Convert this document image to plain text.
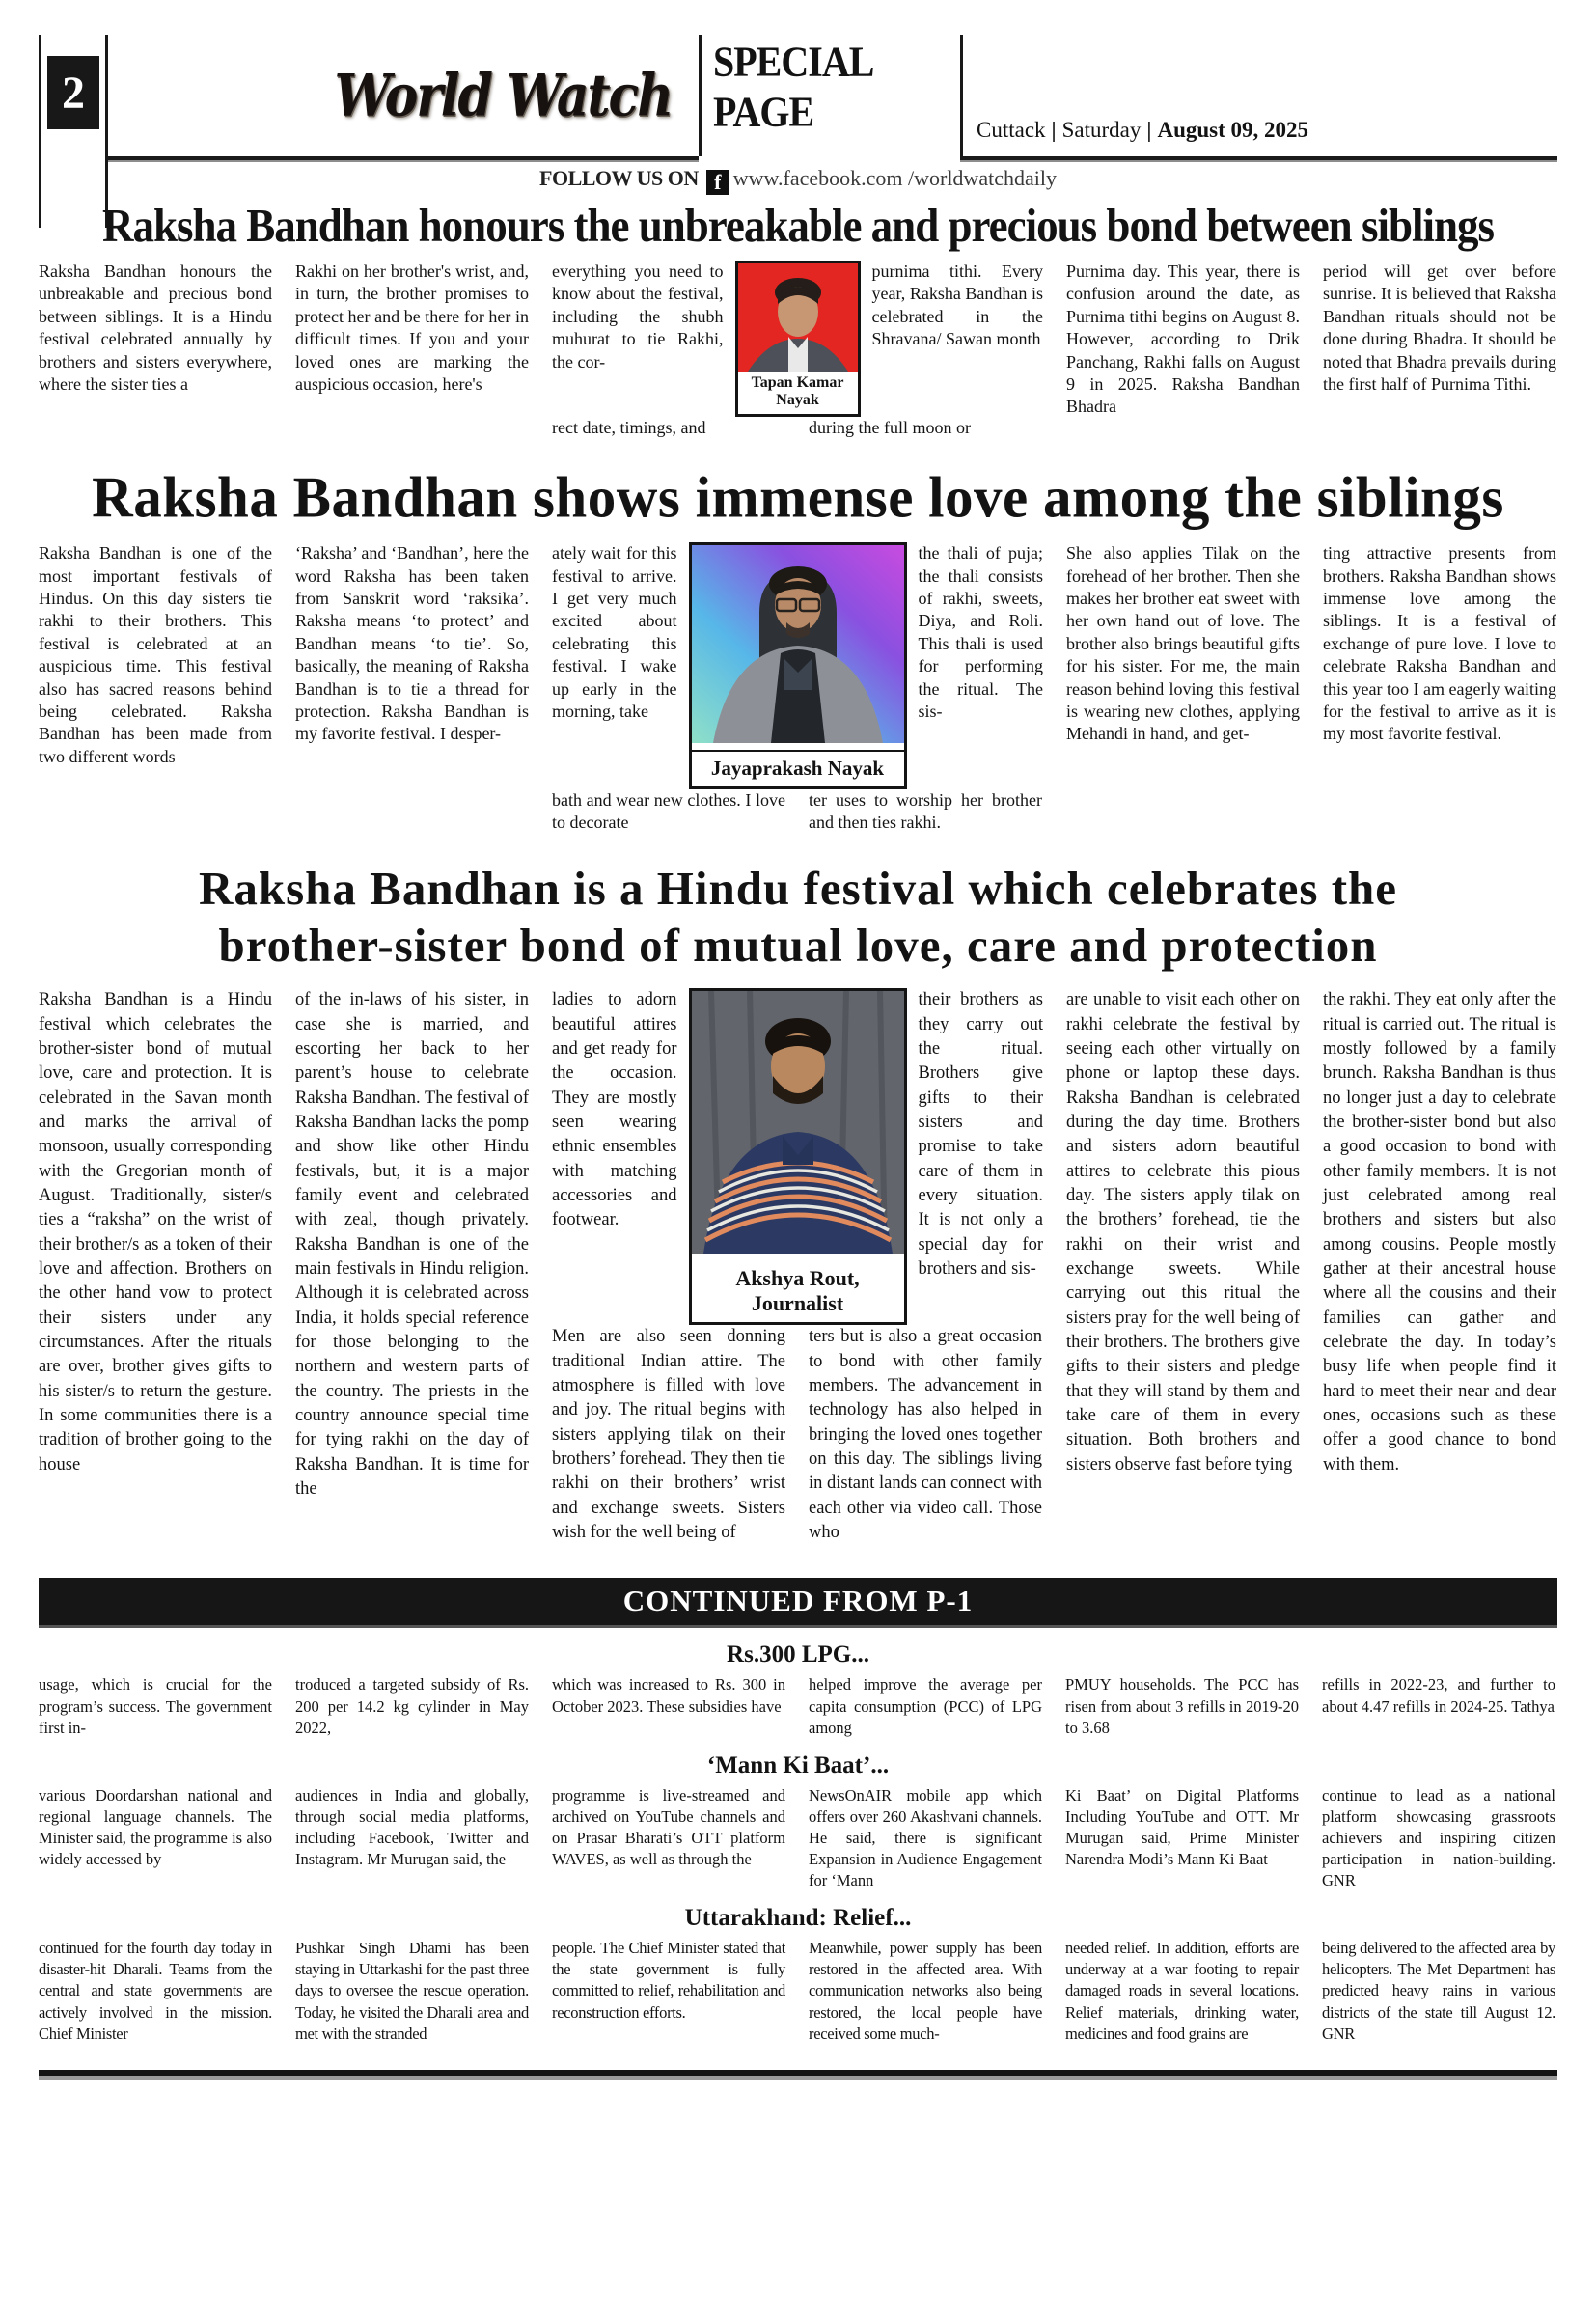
2	World Watch
SPECIAL PAGE	Cuttack | Saturday | August 09, 2025
FOLLOW US ON f www.facebook.com /worldwatchdaily
Raksha Bandhan honours the unbreakable and precious bond between siblings
Raksha Bandhan honours the unbreakable and precious bond between siblings. It is a Hindu festival celebrated annually by brothers and sisters everywhere, where the sister ties a
Rakhi on her brother's wrist, and, in turn, the brother promises to protect her and be there for her in difficult times. If you and your loved ones are marking the auspicious occasion, here's
everything you need to know about the festival, including the shubh muhurat to tie Rakhi, the cor-
Tapan Kamar
Nayak
purnima tithi. Every year, Raksha Bandhan is celebrated in the Shravana/ Sawan month
rect date, timings, and	during the full moon or
Purnima day. This year, there is confusion around the date, as Purnima tithi begins on August 8. However, according to Drik Panchang, Rakhi falls on August 9 in 2025. Raksha Bandhan Bhadra
period will get over before sunrise. It is believed that Raksha Bandhan rituals should not be done during Bhadra. It should be noted that Bhadra prevails during the first half of Purnima Tithi.
Raksha Bandhan shows immense love among the siblings
Raksha Bandhan is one of the most important festivals of Hindus. On this day sisters tie rakhi to their brothers. This festival is celebrated at an auspicious time. This festival also has sacred reasons behind being celebrated. Raksha Bandhan has been made from two different words
‘Raksha’ and ‘Bandhan’, here the word Raksha has been taken from Sanskrit word ‘raksika’. Raksha means ‘to protect’ and Bandhan means ‘to tie’. So, basically, the meaning of Raksha Bandhan is to tie a thread for protection. Raksha Bandhan is my favorite festival. I desper-
ately wait for this festival to arrive. I get very much excited about celebrating this festival. I wake up early in the morning, take
Jayaprakash Nayak
the thali of puja; the thali consists of rakhi, sweets, Diya, and Roli. This thali is used for performing the ritual. The sis-
bath and wear new clothes. I love to decorate
ter uses to worship her brother and then ties rakhi.
She also applies Tilak on the forehead of her brother. Then she makes her brother eat sweet with her own hand out of love. The brother also brings beautiful gifts for his sister. For me, the main reason behind loving this festival is wearing new clothes, applying Mehandi in hand, and get-
ting attractive presents from brothers. Raksha Bandhan shows immense love among the siblings. It is a festival of exchange of pure love. I love to celebrate Raksha Bandhan and this year too I am eagerly waiting for the festival to arrive as it is my most favorite festival.
Raksha Bandhan is a Hindu festival which celebrates the
brother-sister bond of mutual love, care and protection
Raksha Bandhan is a Hindu festival which celebrates the brother-sister bond of mutual love, care and protection. It is celebrated in the Savan month and marks the arrival of monsoon, usually corresponding with the Gregorian month of August. Traditionally, sister/s ties a “raksha” on the wrist of their brother/s as a token of their love and affection. Brothers on the other hand vow to protect their sisters under any circumstances. After the rituals are over, brother gives gifts to his sister/s to return the gesture. In some communities there is a tradition of brother going to the house
of the in-laws of his sister, in case she is married, and escorting her back to her parent’s house to celebrate Raksha Bandhan. The festival of Raksha Bandhan lacks the pomp and show like other Hindu festivals, but, it is a major family event and celebrated with zeal, though privately. Raksha Bandhan is one of the main festivals in Hindu religion. Although it is celebrated across India, it holds special reference for those belonging to the northern and western parts of the country. The priests in the country announce special time for tying rakhi on the day of Raksha Bandhan. It is time for the
ladies to adorn beautiful attires and get ready for the occasion. They are mostly seen wearing ethnic ensembles with matching accessories and footwear.
Akshya Rout,
Journalist
their brothers as they carry out the ritual. Brothers give gifts to their sisters and promise to take care of them in every situation. It is not only a special day for brothers and sis-
Men are also seen donning traditional Indian attire. The atmosphere is filled with love and joy. The ritual begins with sisters applying tilak on their brothers’ forehead. They then tie rakhi on their brothers’ wrist and exchange sweets. Sisters wish for the well being of
ters but is also a great occasion to bond with other family members. The advancement in technology has also helped in bringing the loved ones together on this day. The siblings living in distant lands can connect with each other via video call. Those who
are unable to visit each other on rakhi celebrate the festival by seeing each other virtually on phone or laptop these days. Raksha Bandhan is celebrated during the day time. Brothers and sisters adorn beautiful attires to celebrate this pious day. The sisters apply tilak on the brothers’ forehead, tie the rakhi on their wrist and exchange sweets. While carrying out this ritual the sisters pray for the well being of their brothers. The brothers give gifts to their sisters and pledge that they will stand by them and take care of them in every situation. Both brothers and sisters observe fast before tying
the rakhi. They eat only after the ritual is carried out. The ritual is mostly followed by a family brunch. Raksha Bandhan is thus no longer just a day to celebrate the brother-sister bond but also a good occasion to bond with other family members. It is not just celebrated among real brothers and sisters but also among cousins. People mostly gather at their ancestral house where all the cousins and their families can gather and celebrate the day. In today’s busy life when people find it hard to meet their near and dear ones, occasions such as these offer a good chance to bond with them.
CONTINUED FROM P-1
Rs.300 LPG...
usage, which is crucial for the program’s success. The government first in-
troduced a targeted subsidy of Rs. 200 per 14.2 kg cylinder in May 2022,
which was increased to Rs. 300 in October 2023. These subsidies have
helped improve the average per capita consumption (PCC) of LPG among
PMUY households. The PCC has risen from about 3 refills in 2019-20 to 3.68
refills in 2022-23, and further to about 4.47 refills in 2024-25. Tathya
‘Mann Ki Baat’...
various Doordarshan national and regional language channels. The Minister said, the programme is also widely accessed by
audiences in India and globally, through social media platforms, including Facebook, Twitter and Instagram. Mr Murugan said, the
programme is live-streamed and archived on YouTube channels and on Prasar Bharati’s OTT platform WAVES, as well as through the
NewsOnAIR mobile app which offers over 260 Akashvani channels. He said, there is significant Expansion in Audience Engagement for ‘Mann
Ki Baat’ on Digital Platforms Including YouTube and OTT. Mr Murugan said, Prime Minister Narendra Modi’s Mann Ki Baat
continue to lead as a national platform showcasing grassroots achievers and inspiring citizen participation in nation-building. GNR
Uttarakhand: Relief...
continued for the fourth day today in disaster-hit Dharali. Teams from the central and state governments are actively involved in the mission. Chief Minister
Pushkar Singh Dhami has been staying in Uttarkashi for the past three days to oversee the rescue operation. Today, he visited the Dharali area and met with the stranded
people. The Chief Minister stated that the state government is fully committed to relief, rehabilitation and reconstruction efforts.
Meanwhile, power supply has been restored in the affected area. With communication networks also being restored, the local people have received some much-
needed relief. In addition, efforts are underway at a war footing to repair damaged roads in several locations. Relief materials, drinking water, medicines and food grains are
being delivered to the affected area by helicopters. The Met Department has predicted heavy rains in various districts of the state till August 12. GNR
